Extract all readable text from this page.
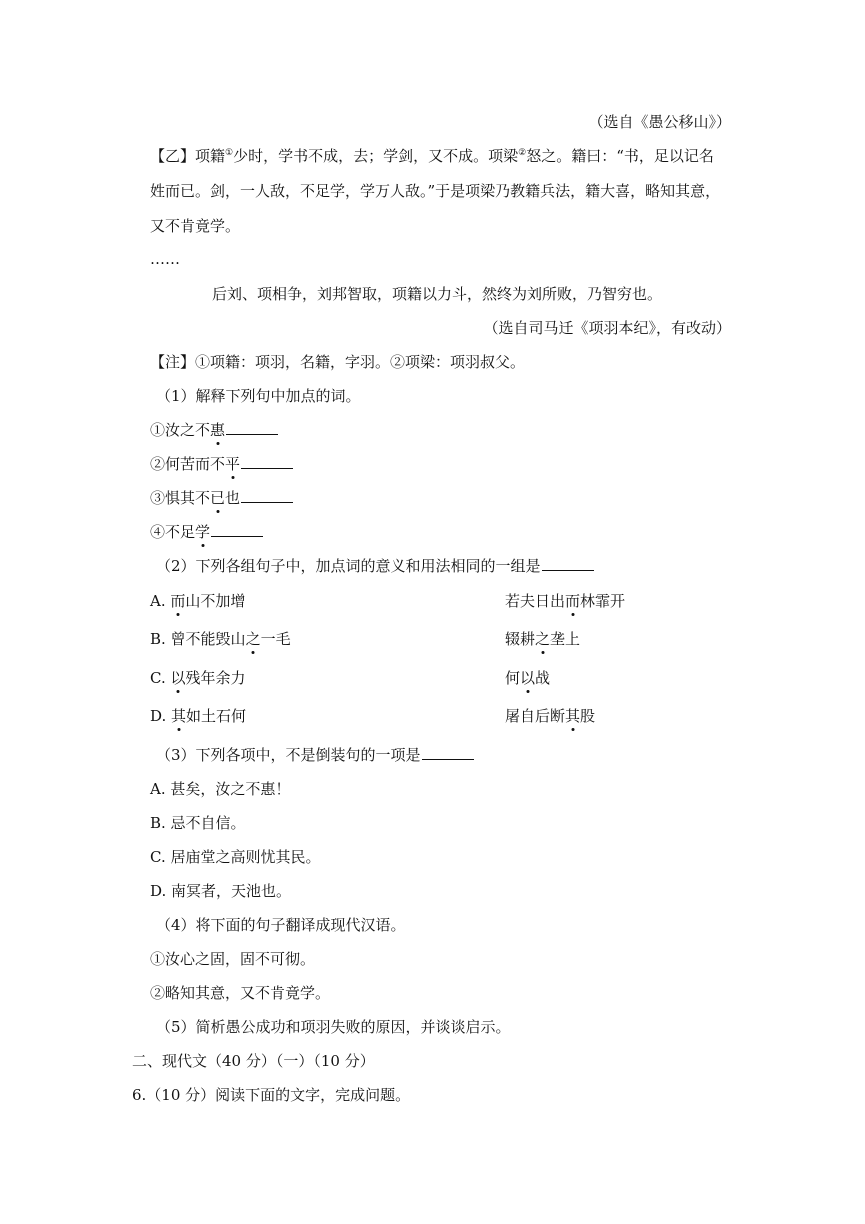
（选自《愚公移山》）
【乙】项籍①少时，学书不成，去；学剑，又不成。项梁②怒之。籍曰：“书，足以记名
姓而已。剑，一人敌，不足学，学万人敌。”于是项梁乃教籍兵法，籍大喜，略知其意，
又不肯竟学。
……
后刘、项相争，刘邦智取，项籍以力斗，然终为刘所败，乃智穷也。
（选自司马迁《项羽本纪》，有改动）
【注】①项籍：项羽，名籍，字羽。②项梁：项羽叔父。
（1）解释下列句中加点的词。
①汝之不惠
②何苦而不平
③惧其不已也
④不足学
（2）下列各组句子中，加点词的意义和用法相同的一组是
A. 而山不加增	若夫日出而林霏开
B. 曾不能毁山之一毛	辍耕之垄上
C. 以残年余力	何以战
D. 其如土石何	屠自后断其股
（3）下列各项中，不是倒装句的一项是
A. 甚矣，汝之不惠！
B. 忌不自信。
C. 居庙堂之高则忧其民。
D. 南冥者，天池也。
（4）将下面的句子翻译成现代汉语。
①汝心之固，固不可彻。
②略知其意，又不肯竟学。
（5）简析愚公成功和项羽失败的原因，并谈谈启示。
二、现代文（40 分）（一）（10 分）
6.（10 分）阅读下面的文字，完成问题。
